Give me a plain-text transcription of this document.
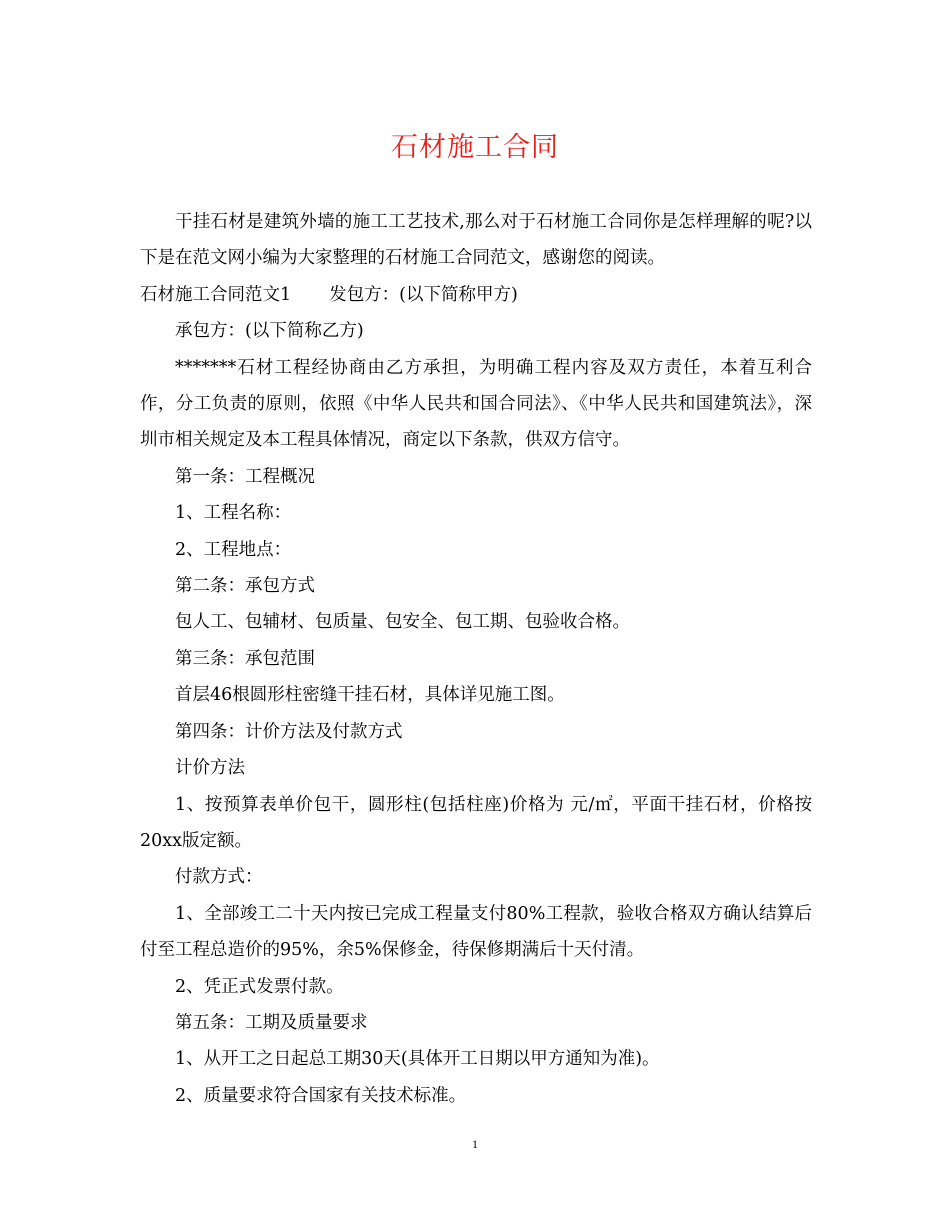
石材施工合同

干挂石材是建筑外墙的施工工艺技术,那么对于石材施工合同你是怎样理解的呢?以下是在范文网小编为大家整理的石材施工合同范文，感谢您的阅读。

石材施工合同范文1 发包方：(以下简称甲方)

承包方：(以下简称乙方)

*******石材工程经协商由乙方承担，为明确工程内容及双方责任，本着互利合作，分工负责的原则，依照《中华人民共和国合同法》、《中华人民共和国建筑法》，深圳市相关规定及本工程具体情况，商定以下条款，供双方信守。

第一条：工程概况

1、工程名称：

2、工程地点：

第二条：承包方式

包人工、包辅材、包质量、包安全、包工期、包验收合格。

第三条：承包范围

首层46根圆形柱密缝干挂石材，具体详见施工图。

第四条：计价方法及付款方式

计价方法

1、按预算表单价包干，圆形柱(包括柱座)价格为 元/㎡，平面干挂石材，价格按20xx版定额。

付款方式：

1、全部竣工二十天内按已完成工程量支付80%工程款，验收合格双方确认结算后付至工程总造价的95%，余5%保修金，待保修期满后十天付清。

2、凭正式发票付款。

第五条：工期及质量要求

1、从开工之日起总工期30天(具体开工日期以甲方通知为准)。

2、质量要求符合国家有关技术标准。

1
